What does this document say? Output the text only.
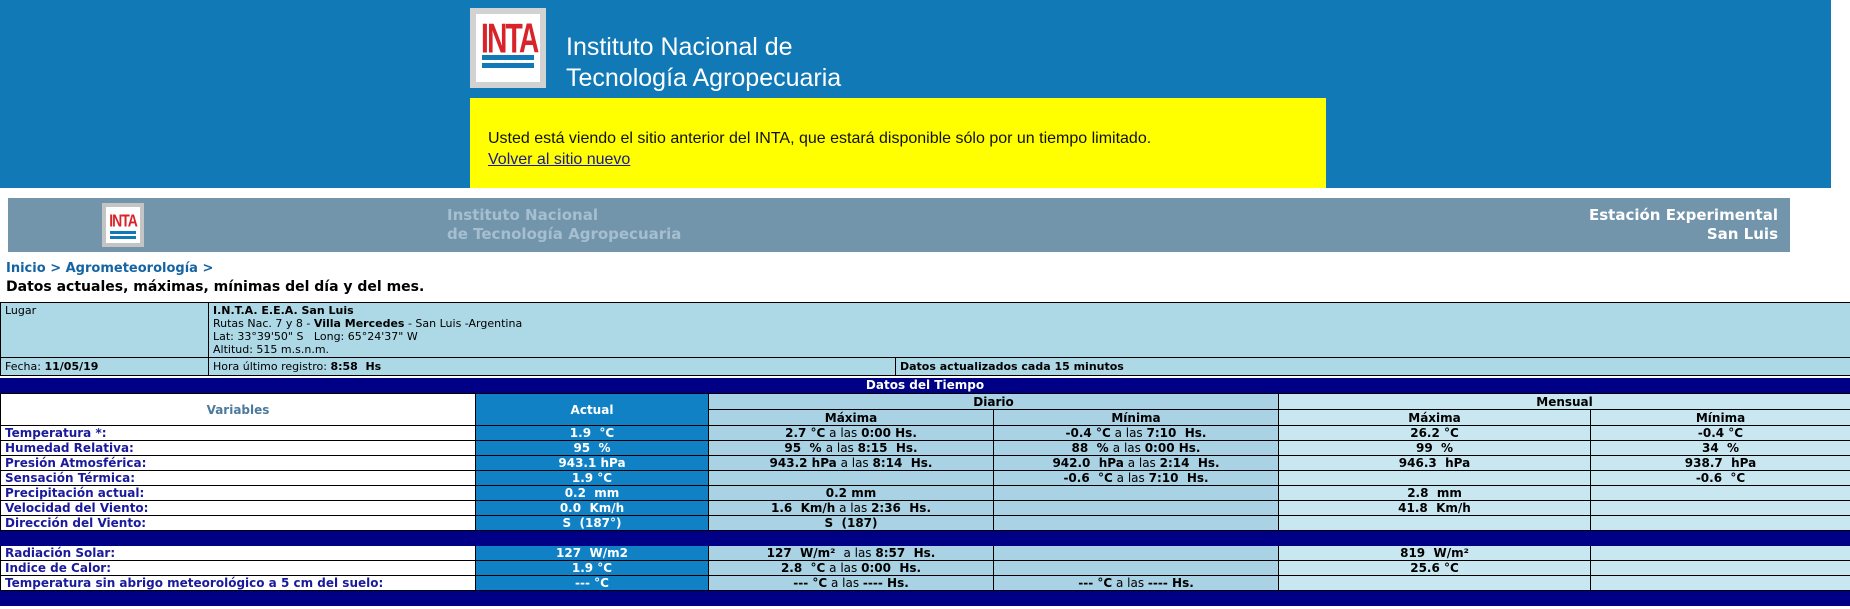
INTA Instituto Nacional de
Tecnología Agropecuaria
Usted está viendo el sitio anterior del INTA, que estará disponible sólo por un tiempo limitado.
Volver al sitio nuevo
INTA	Instituto Nacional
de Tecnología Agropecuaria
Estación Experimental
San Luis
Inicio > Agrometeorología >
Datos actuales, máximas, mínimas del día y del mes.
Lugar	I.N.T.A. E.E.A. San Luis
Rutas Nac. 7 y 8 - Villa Mercedes - San Luis -Argentina
Lat: 33°39'50" S   Long: 65°24'37" W
Altitud: 515 m.s.n.m.	

Fecha: 11/05/19	Hora último registro: 8:58  Hs	Datos actualizados cada 15 minutos
Datos del Tiempo
Variables	Actual	Diario		Mensual	
		Máxima	Mínima	Máxima	Mínima
Temperatura *:	1.9  °C	2.7 °C a las 0:00 Hs.	-0.4 °C a las 7:10  Hs.	26.2 °C	-0.4 °C
Humedad Relativa:	95  %	95  % a las 8:15  Hs.	88  % a las 0:00 Hs.	99  %	34  %
Presión Atmosférica:	943.1 hPa	943.2 hPa a las 8:14  Hs.	942.0  hPa a las 2:14  Hs.	946.3  hPa	938.7  hPa
Sensación Térmica:	1.9 °C		-0.6  °C a las 7:10  Hs.		-0.6  °C
Precipitación actual:	0.2  mm	0.2 mm		2.8  mm	
Velocidad del Viento:	0.0  Km/h	1.6  Km/h a las 2:36  Hs.		41.8  Km/h	
Dirección del Viento:	S  (187°)	S  (187)			

Radiación Solar:	127  W/m2	127  W/m²  a las 8:57  Hs.		819  W/m²	
Indice de Calor:	1.9 °C	2.8  °C a las 0:00  Hs.		25.6 °C	
Temperatura sin abrigo meteorológico a 5 cm del suelo:	--- °C	--- °C a las ---- Hs.	--- °C a las ---- Hs.		
